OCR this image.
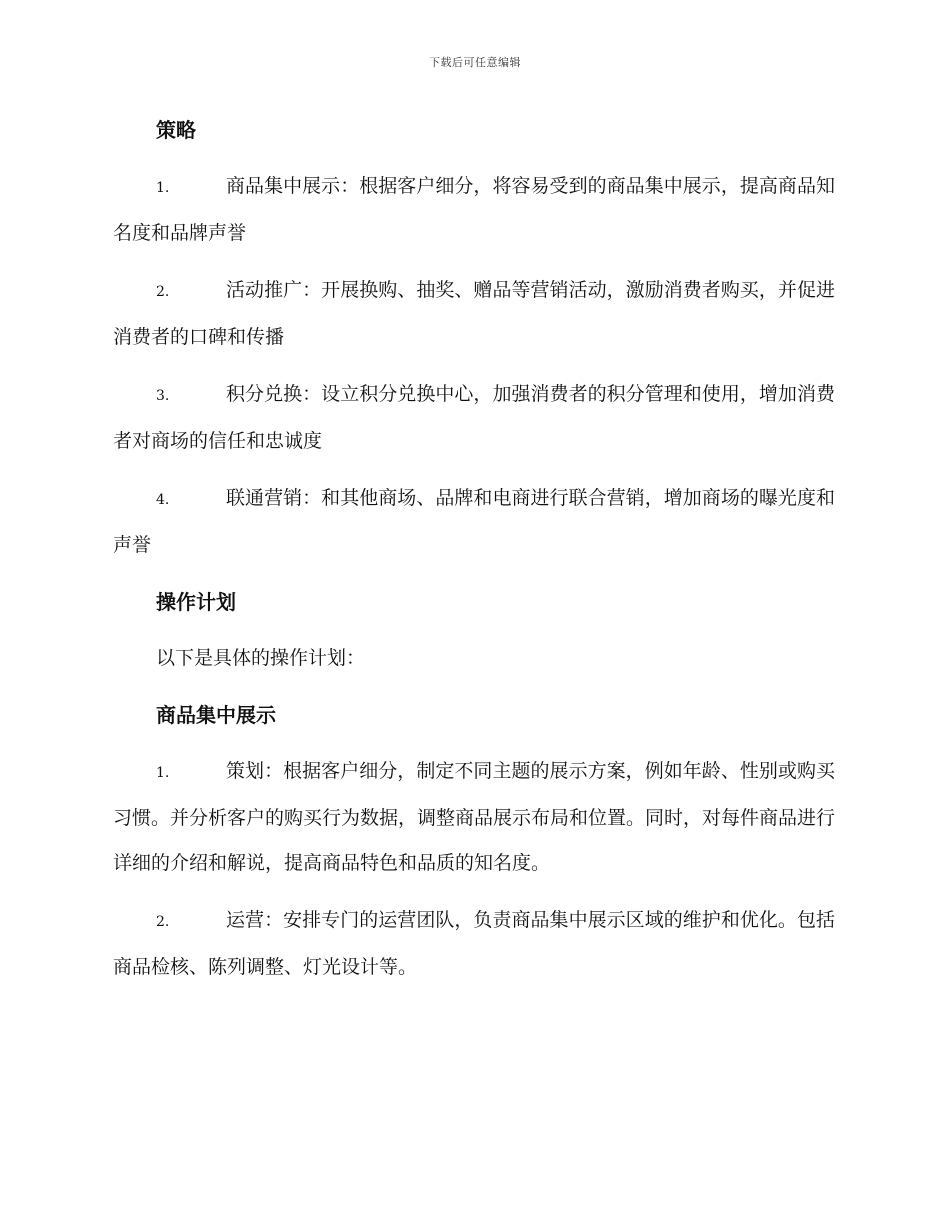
下载后可任意编辑
策略

1.	商品集中展示：根据客户细分，将容易受到的商品集中展示，提高商品知名度和品牌声誉

2.	活动推广：开展换购、抽奖、赠品等营销活动，激励消费者购买，并促进消费者的口碑和传播

3.	积分兑换：设立积分兑换中心，加强消费者的积分管理和使用，增加消费者对商场的信任和忠诚度

4.	联通营销：和其他商场、品牌和电商进行联合营销，增加商场的曝光度和声誉

操作计划

以下是具体的操作计划：

商品集中展示

1.	策划：根据客户细分，制定不同主题的展示方案，例如年龄、性别或购买习惯。并分析客户的购买行为数据，调整商品展示布局和位置。同时，对每件商品进行详细的介绍和解说，提高商品特色和品质的知名度。

2.	运营：安排专门的运营团队，负责商品集中展示区域的维护和优化。包括商品检核、陈列调整、灯光设计等。
